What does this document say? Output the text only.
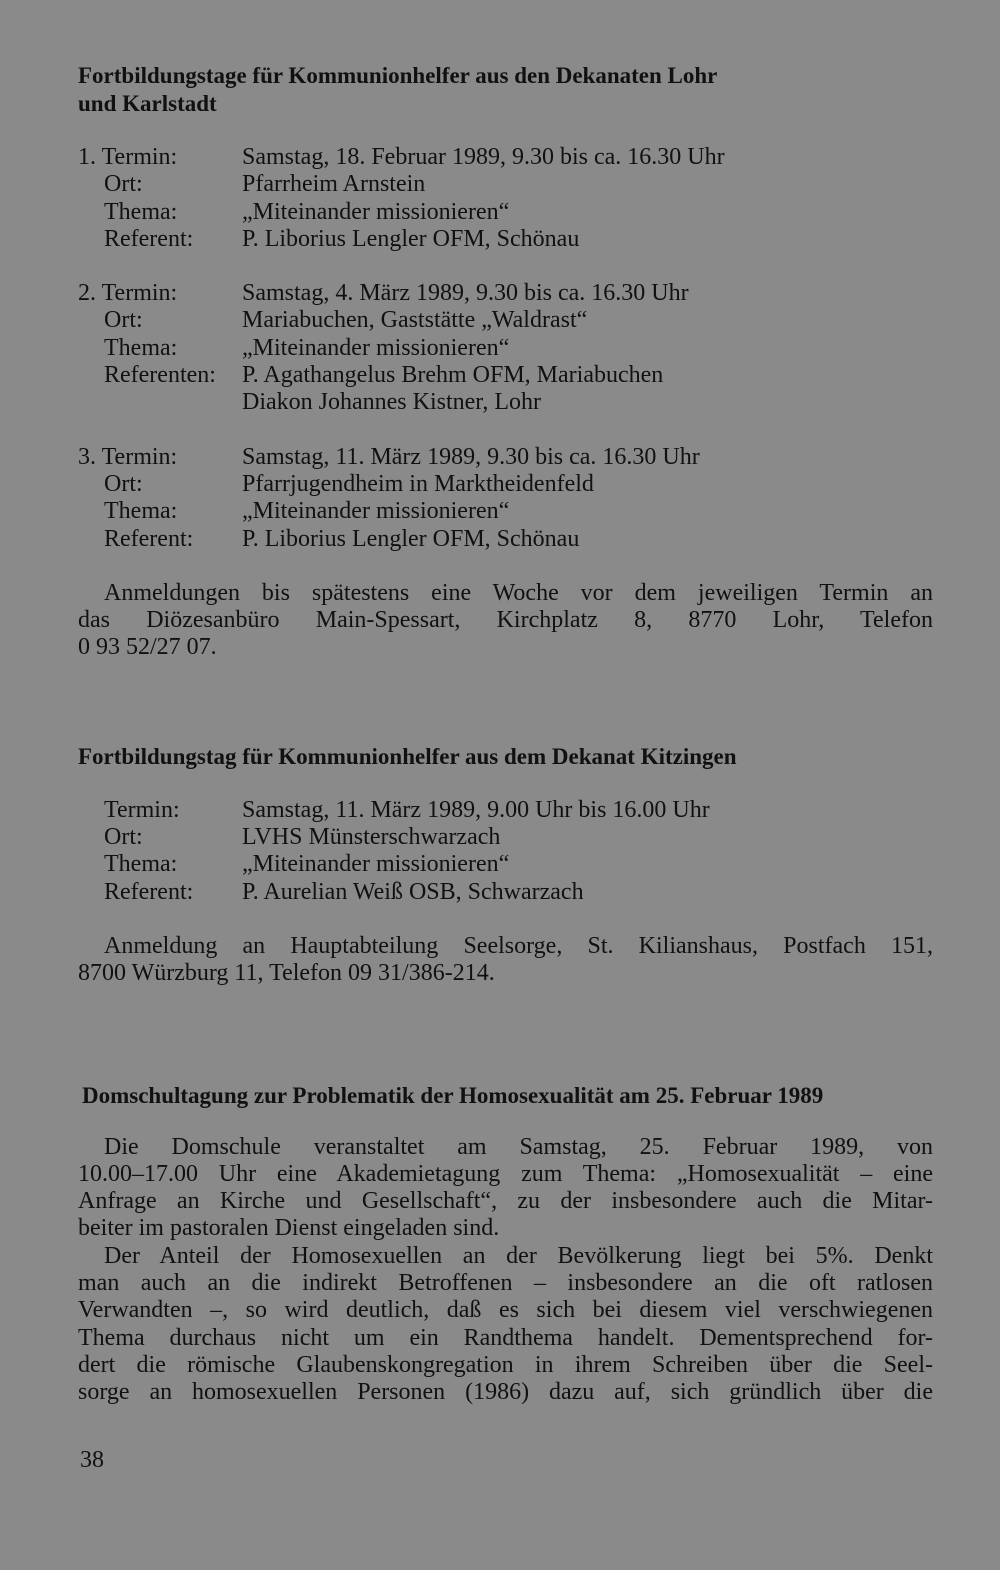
Fortbildungstage für Kommunionhelfer aus den Dekanaten Lohr
und Karlstadt
1. Termin:	Samstag, 18. Februar 1989, 9.30 bis ca. 16.30 Uhr
Ort:	Pfarrheim Arnstein
Thema:	„Miteinander missionieren“
Referent:	P. Liborius Lengler OFM, Schönau
2. Termin:	Samstag, 4. März 1989, 9.30 bis ca. 16.30 Uhr
Ort:	Mariabuchen, Gaststätte „Waldrast“
Thema:	„Miteinander missionieren“
Referenten:	P. Agathangelus Brehm OFM, Mariabuchen
Diakon Johannes Kistner, Lohr
3. Termin:	Samstag, 11. März 1989, 9.30 bis ca. 16.30 Uhr
Ort:	Pfarrjugendheim in Marktheidenfeld
Thema:	„Miteinander missionieren“
Referent:	P. Liborius Lengler OFM, Schönau
Anmeldungen bis spätestens eine Woche vor dem jeweiligen Termin an
das Diözesanbüro Main-Spessart, Kirchplatz 8, 8770 Lohr, Telefon
0 93 52/27 07.
Fortbildungstag für Kommunionhelfer aus dem Dekanat Kitzingen
Termin:	Samstag, 11. März 1989, 9.00 Uhr bis 16.00 Uhr
Ort:	LVHS Münsterschwarzach
Thema:	„Miteinander missionieren“
Referent:	P. Aurelian Weiß OSB, Schwarzach
Anmeldung an Hauptabteilung Seelsorge, St. Kilianshaus, Postfach 151,
8700 Würzburg 11, Telefon 09 31/386-214.
Domschultagung zur Problematik der Homosexualität am 25. Februar 1989
Die Domschule veranstaltet am Samstag, 25. Februar 1989, von
10.00–17.00 Uhr eine Akademietagung zum Thema: „Homosexualität – eine
Anfrage an Kirche und Gesellschaft“, zu der insbesondere auch die Mitar-
beiter im pastoralen Dienst eingeladen sind.
Der Anteil der Homosexuellen an der Bevölkerung liegt bei 5%. Denkt
man auch an die indirekt Betroffenen – insbesondere an die oft ratlosen
Verwandten –, so wird deutlich, daß es sich bei diesem viel verschwiegenen
Thema durchaus nicht um ein Randthema handelt. Dementsprechend for-
dert die römische Glaubenskongregation in ihrem Schreiben über die Seel-
sorge an homosexuellen Personen (1986) dazu auf, sich gründlich über die
38
